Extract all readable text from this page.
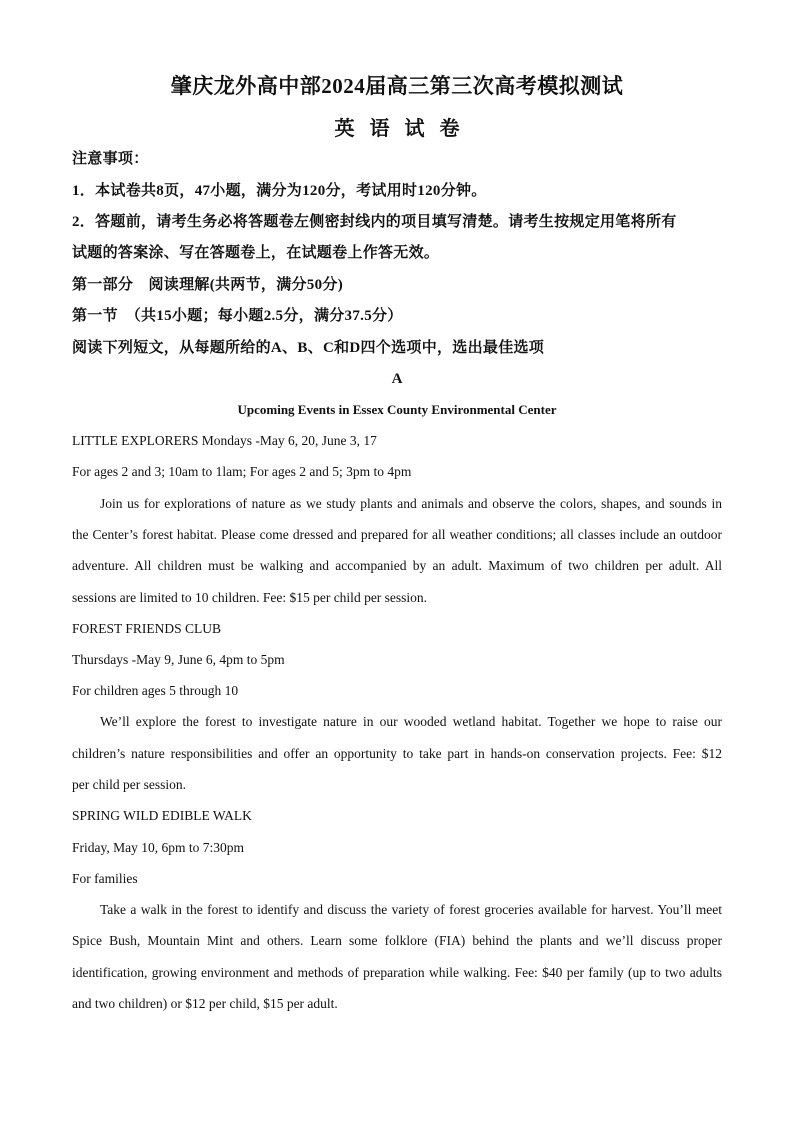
肇庆龙外高中部2024届高三第三次高考模拟测试
英 语 试 卷
注意事项：
1．本试卷共8页，47小题，满分为120分，考试用时120分钟。
2．答题前，请考生务必将答题卷左侧密封线内的项目填写清楚。请考生按规定用笔将所有
试题的答案涂、写在答题卷上，在试题卷上作答无效。
第一部分　阅读理解(共两节，满分50分)
第一节　（共15小题；每小题2.5分，满分37.5分）
阅读下列短文，从每题所给的A、B、C和D四个选项中，选出最佳选项
A
Upcoming Events in Essex County Environmental Center
LITTLE EXPLORERS Mondays -May 6, 20, June 3, 17
For ages 2 and 3; 10am to 1lam; For ages 2 and 5; 3pm to 4pm
Join us for explorations of nature as we study plants and animals and observe the colors, shapes, and sounds in
the Center’s forest habitat. Please come dressed and prepared for all weather conditions; all classes include an outdoor
adventure. All children must be walking and accompanied by an adult. Maximum of two children per adult. All
sessions are limited to 10 children. Fee: $15 per child per session.
FOREST FRIENDS CLUB
Thursdays -May 9, June 6, 4pm to 5pm
For children ages 5 through 10
We’ll explore the forest to investigate nature in our wooded wetland habitat. Together we hope to raise our
children’s nature responsibilities and offer an opportunity to take part in hands-on conservation projects. Fee: $12
per child per session.
SPRING WILD EDIBLE WALK
Friday, May 10, 6pm to 7:30pm
For families
Take a walk in the forest to identify and discuss the variety of forest groceries available for harvest. You’ll meet
Spice Bush, Mountain Mint and others. Learn some folklore (FIA) behind the plants and we’ll discuss proper
identification, growing environment and methods of preparation while walking. Fee: $40 per family (up to two adults
and two children) or $12 per child, $15 per adult.
